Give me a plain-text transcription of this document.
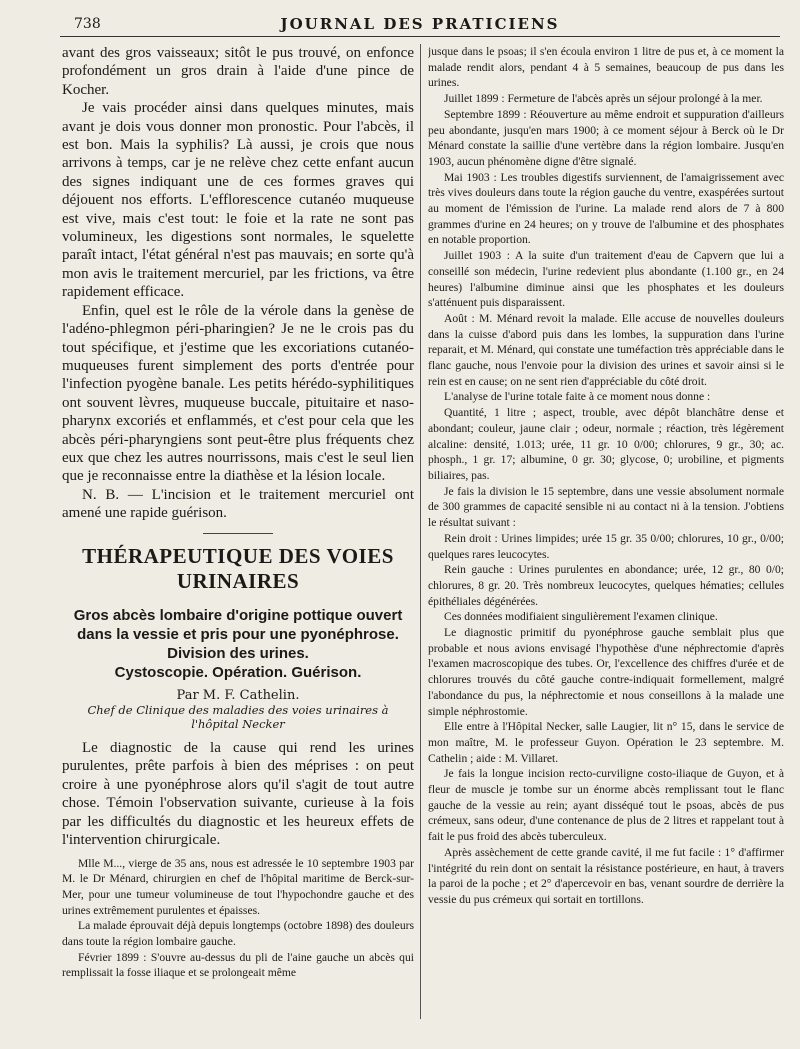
738	JOURNAL DES PRATICIENS

avant des gros vaisseaux; sitôt le pus trouvé, on enfonce profondément un gros drain à l'aide d'une pince de Kocher.

Je vais procéder ainsi dans quelques minutes, mais avant je dois vous donner mon pronostic. Pour l'abcès, il est bon. Mais la syphilis? Là aussi, je crois que nous arrivons à temps, car je ne relève chez cette enfant aucun des signes indiquant une de ces formes graves qui déjouent nos efforts. L'efflorescence cutanéo muqueuse est vive, mais c'est tout: le foie et la rate ne sont pas volumineux, les digestions sont normales, le squelette paraît intact, l'état général n'est pas mauvais; en sorte qu'à mon avis le traitement mercuriel, par les frictions, va être rapidement efficace.

Enfin, quel est le rôle de la vérole dans la genèse de l'adéno-phlegmon péri-pharingien? Je ne le crois pas du tout spécifique, et j'estime que les excoriations cutanéo-muqueuses furent simplement des ports d'entrée pour l'infection pyogène banale. Les petits hérédo-syphilitiques ont souvent lèvres, muqueuse buccale, pituitaire et naso-pharynx excoriés et enflammés, et c'est pour cela que les abcès péri-pharyngiens sont peut-être plus fréquents chez eux que chez les autres nourrissons, mais c'est le seul lien que je reconnaisse entre la diathèse et la lésion locale.

N. B. — L'incision et le traitement mercuriel ont amené une rapide guérison.

THÉRAPEUTIQUE DES VOIES URINAIRES
Gros abcès lombaire d'origine pottique ouvert
dans la vessie et pris pour une pyonéphrose.
Division des urines.
Cystoscopie. Opération. Guérison.
Par M. F. Cathelin.
Chef de Clinique des maladies des voies urinaires à l'hôpital Necker

Le diagnostic de la cause qui rend les urines purulentes, prête parfois à bien des méprises : on peut croire à une pyonéphrose alors qu'il s'agit de tout autre chose. Témoin l'observation suivante, curieuse à la fois par les difficultés du diagnostic et les heureux effets de l'intervention chirurgicale.

Mlle M..., vierge de 35 ans, nous est adressée le 10 septembre 1903 par M. le Dr Ménard, chirurgien en chef de l'hôpital maritime de Berck-sur-Mer, pour une tumeur volumineuse de tout l'hypochondre gauche et des urines extrêmement purulentes et épaisses.

La malade éprouvait déjà depuis longtemps (octobre 1898) des douleurs dans toute la région lombaire gauche.

Février 1899 : S'ouvre au-dessus du pli de l'aine gauche un abcès qui remplissait la fosse iliaque et se prolongeait même

jusque dans le psoas; il s'en écoula environ 1 litre de pus et, à ce moment la malade rendit alors, pendant 4 à 5 semaines, beaucoup de pus dans les urines.

Juillet 1899 : Fermeture de l'abcès après un séjour prolongé à la mer.

Septembre 1899 : Réouverture au même endroit et suppuration d'ailleurs peu abondante, jusqu'en mars 1900; à ce moment séjour à Berck où le Dr Ménard constate la saillie d'une vertèbre dans la région lombaire. Jusqu'en 1903, aucun phénomène digne d'être signalé.

Mai 1903 : Les troubles digestifs surviennent, de l'amaigrissement avec très vives douleurs dans toute la région gauche du ventre, exaspérées surtout au moment de l'émission de l'urine. La malade rend alors de 7 à 800 grammes d'urine en 24 heures; on y trouve de l'albumine et des phosphates en notable proportion.

Juillet 1903 : A la suite d'un traitement d'eau de Capvern que lui a conseillé son médecin, l'urine redevient plus abondante (1.100 gr., en 24 heures) l'albumine diminue ainsi que les phosphates et les douleurs s'atténuent puis disparaissent.

Août : M. Ménard revoit la malade. Elle accuse de nouvelles douleurs dans la cuisse d'abord puis dans les lombes, la suppuration dans l'urine reparait, et M. Ménard, qui constate une tuméfaction très appréciable dans le flanc gauche, nous l'envoie pour la division des urines et savoir ainsi si le rein est en cause; on ne sent rien d'appréciable du côté droit.

L'analyse de l'urine totale faite à ce moment nous donne :

Quantité, 1 litre ; aspect, trouble, avec dépôt blanchâtre dense et abondant; couleur, jaune clair ; odeur, normale ; réaction, très légèrement alcaline: densité, 1.013; urée, 11 gr. 10 0/00; chlorures, 9 gr., 30; ac. phosph., 1 gr. 17; albumine, 0 gr. 30; glycose, 0; urobiline, et pigments biliaires, pas.

Je fais la division le 15 septembre, dans une vessie absolument normale de 300 grammes de capacité sensible ni au contact ni à la tension. J'obtiens le résultat suivant :

Rein droit : Urines limpides; urée 15 gr. 35 0/00; chlorures, 10 gr., 0/00; quelques rares leucocytes.

Rein gauche : Urines purulentes en abondance; urée, 12 gr., 80 0/0; chlorures, 8 gr. 20. Très nombreux leucocytes, quelques hématies; cellules épithéliales dégénérées.

Ces données modifiaient singulièrement l'examen clinique.

Le diagnostic primitif du pyonéphrose gauche semblait plus que probable et nous avions envisagé l'hypothèse d'une néphrectomie d'après l'examen macroscopique des tubes. Or, l'excellence des chiffres d'urée et de chlorures trouvés du côté gauche contre-indiquait formellement, malgré l'abondance du pus, la néphrectomie et nous conseillons à la malade une simple néphrostomie.

Elle entre à l'Hôpital Necker, salle Laugier, lit n° 15, dans le service de mon maître, M. le professeur Guyon. Opération le 23 septembre. M. Cathelin ; aide : M. Villaret.

Je fais la longue incision recto-curviligne costo-iliaque de Guyon, et à fleur de muscle je tombe sur un énorme abcès remplissant tout le flanc gauche de la vessie au rein; ayant disséqué tout le psoas, abcès de pus crémeux, sans odeur, d'une contenance de plus de 2 litres et rappelant tout à fait le pus froid des abcès tuberculeux.

Après assèchement de cette grande cavité, il me fut facile : 1° d'affirmer l'intégrité du rein dont on sentait la résistance postérieure, en haut, à travers la paroi de la poche ; et 2° d'apercevoir en bas, venant sourdre de derrière la vessie du pus crémeux qui sortait en tortillons.
